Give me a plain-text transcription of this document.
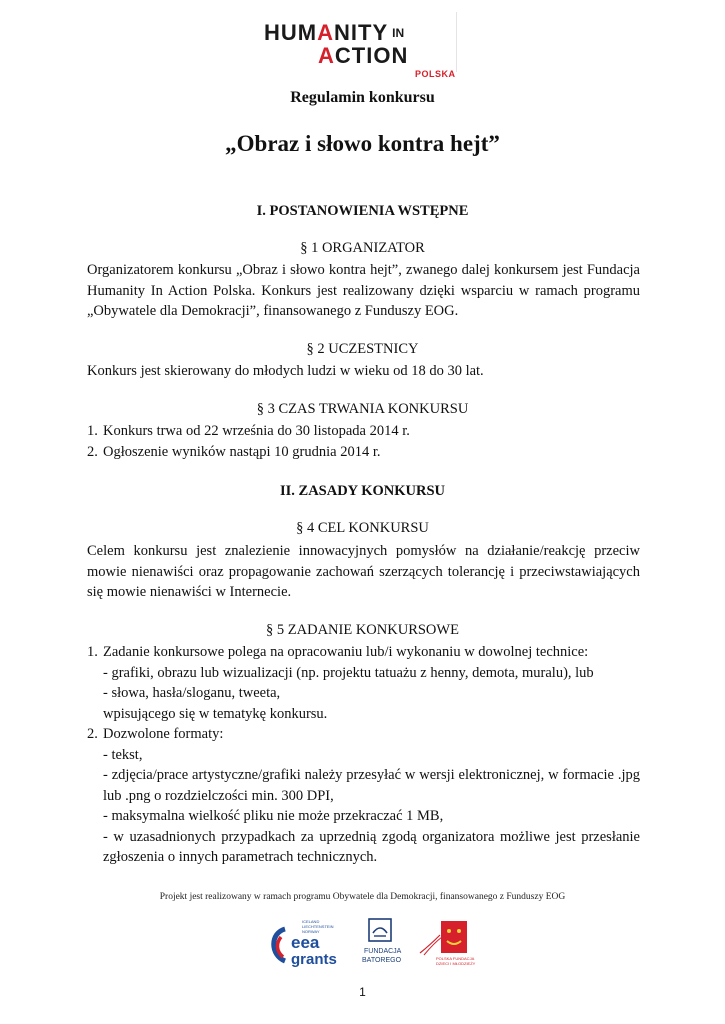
HUMANITY IN
ACTION
POLSKA
Regulamin konkursu
„Obraz i słowo kontra hejt”
I. POSTANOWIENIA WSTĘPNE
§ 1 ORGANIZATOR
Organizatorem konkursu „Obraz i słowo kontra hejt”, zwanego dalej konkursem jest Fundacja Humanity In Action Polska. Konkurs jest realizowany dzięki wsparciu w ramach programu „Obywatele dla Demokracji”, finansowanego z Funduszy EOG.
§ 2 UCZESTNICY
Konkurs jest skierowany do młodych ludzi w wieku od 18 do 30 lat.
§ 3 CZAS TRWANIA KONKURSU
1. Konkurs trwa od 22 września do 30 listopada 2014 r.
2. Ogłoszenie wyników nastąpi 10 grudnia 2014 r.
II. ZASADY KONKURSU
§ 4 CEL KONKURSU
Celem konkursu jest znalezienie innowacyjnych pomysłów na działanie/reakcję przeciw mowie nienawiści oraz propagowanie zachowań szerzących tolerancję i przeciwstawiających się mowie nienawiści w Internecie.
§ 5 ZADANIE KONKURSOWE
1. Zadanie konkursowe polega na opracowaniu lub/i wykonaniu w dowolnej technice:
- grafiki, obrazu lub wizualizacji (np. projektu tatuażu z henny, demota, muralu), lub
- słowa, hasła/sloganu, tweeta,
wpisującego się w tematykę konkursu.
2. Dozwolone formaty:
- tekst,
- zdjęcia/prace artystyczne/grafiki należy przesyłać w wersji elektronicznej, w formacie .jpg lub .png o rozdzielczości min. 300 DPI,
- maksymalna wielkość pliku nie może przekraczać 1 MB,
- w uzasadnionych przypadkach za uprzednią zgodą organizatora możliwe jest przesłanie zgłoszenia o innych parametrach technicznych.
Projekt jest realizowany w ramach programu Obywatele dla Demokracji, finansowanego z Funduszy EOG
ICELAND
LIECHTENSTEIN
NORWAY
eea
grants	FUNDACJA
BATOREGO	POLSKA FUNDACJA
DZIECI I MŁODZIEŻY
1
